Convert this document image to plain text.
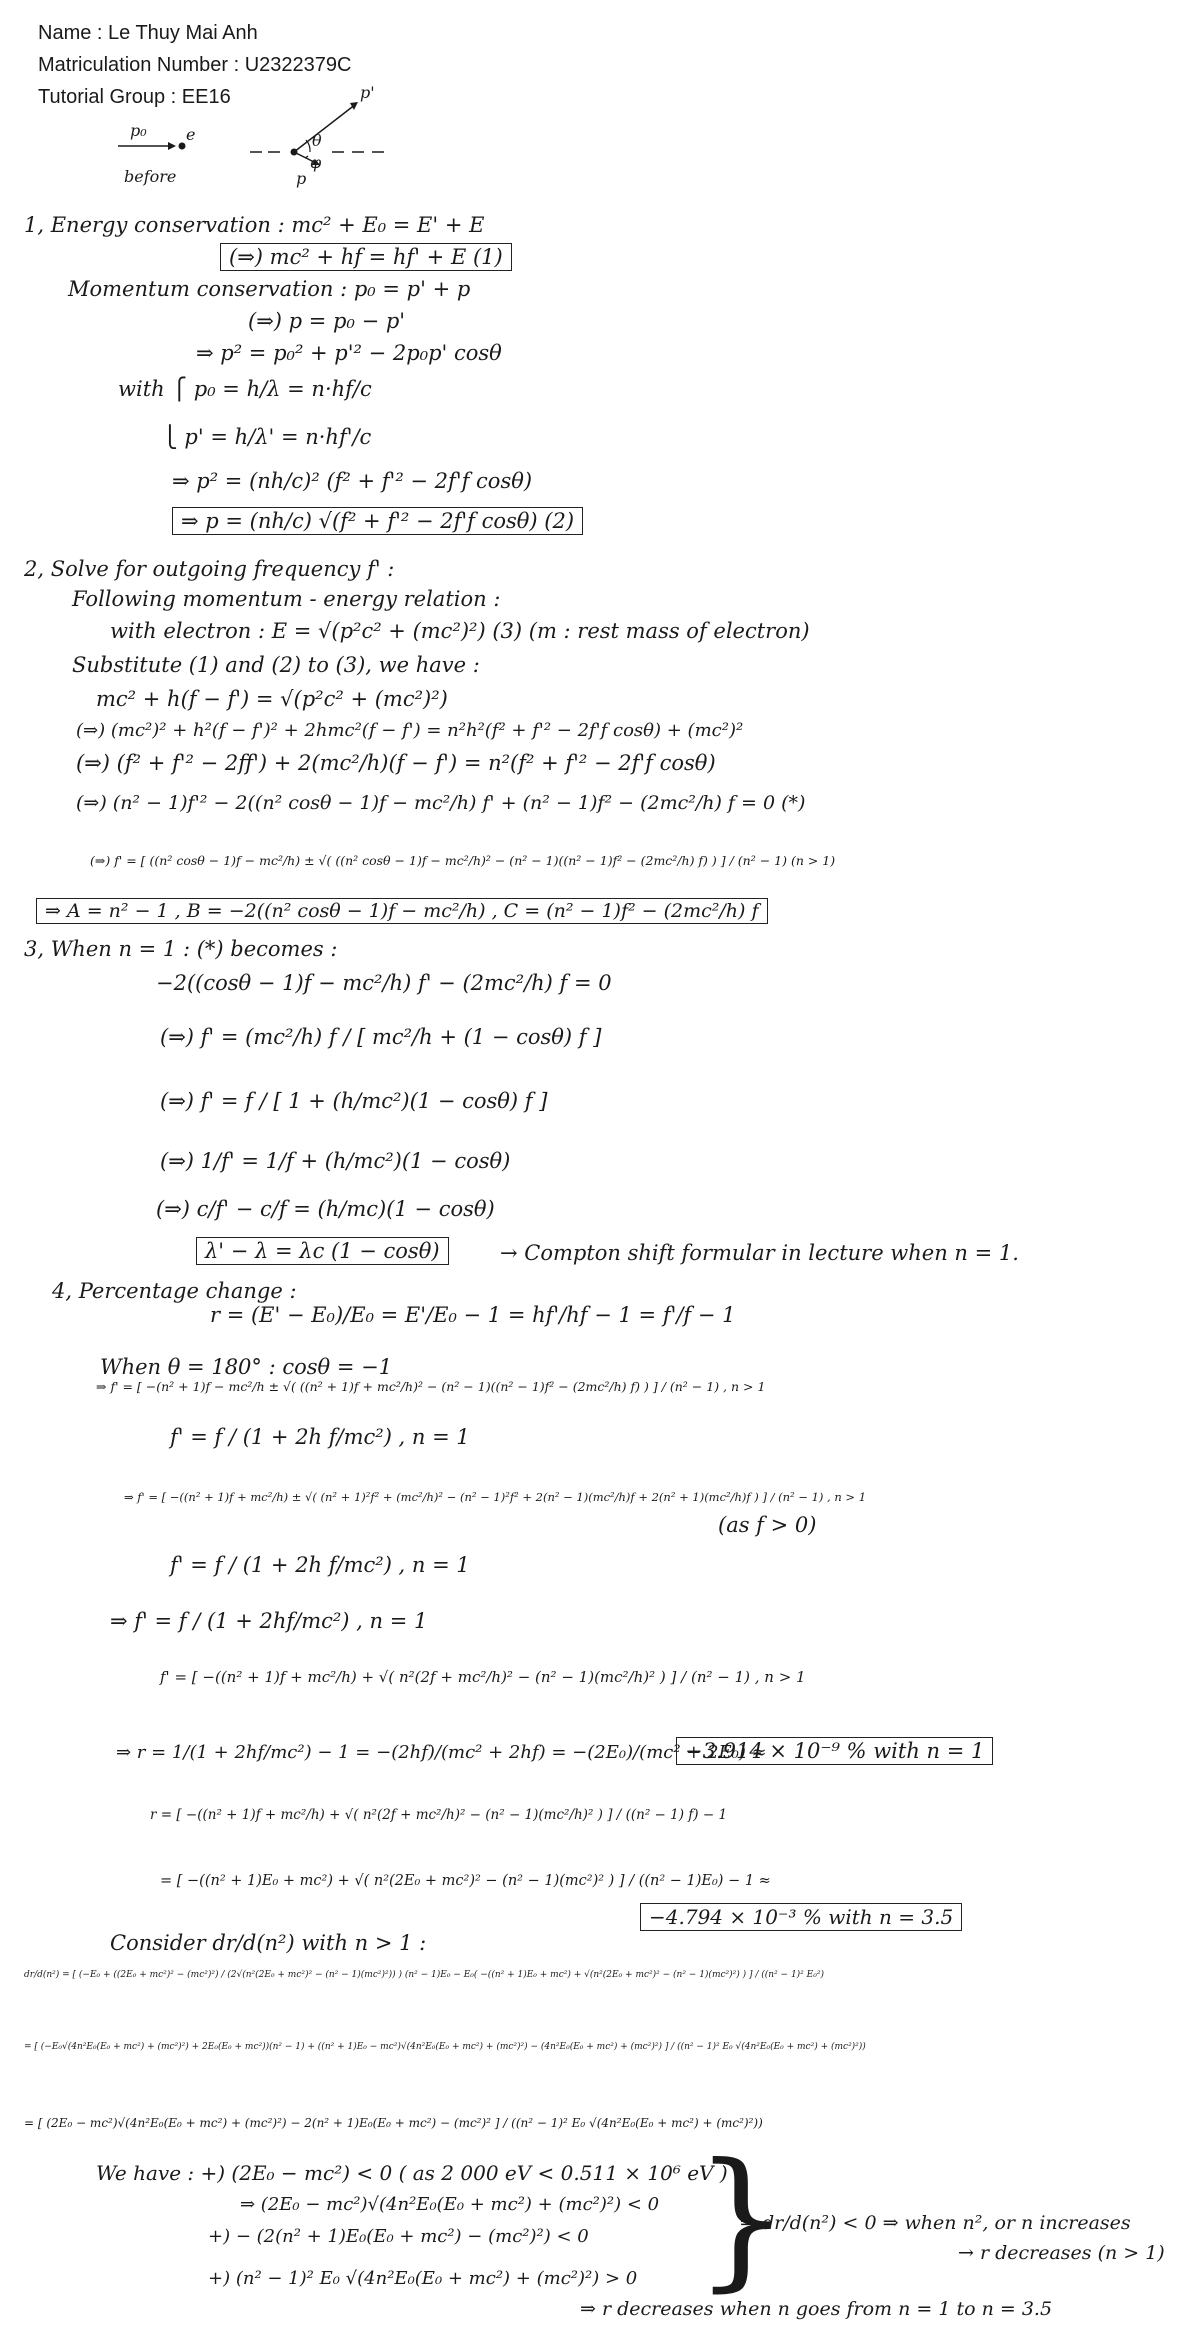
Name : Le Thuy Mai Anh
Matriculation Number : U2322379C
Tutorial Group : EE16
p₀ e
before
p'
θ
φ
p
1, Energy conservation : mc² + E₀ = E' + E
(⇒) mc² + hf = hf' + E (1)
Momentum conservation : p₀ = p' + p
(⇒) p = p₀ − p'
⇒ p² = p₀² + p'² − 2p₀p' cosθ
with ⎧ p₀ = h/λ = n·hf/c
⎩ p' = h/λ' = n·hf'/c
⇒ p² = (nh/c)² (f² + f'² − 2f'f cosθ)
⇒ p = (nh/c) √(f² + f'² − 2f'f cosθ) (2)
2, Solve for outgoing frequency f' :
Following momentum - energy relation :
with electron : E = √(p²c² + (mc²)²) (3) (m : rest mass of electron)
Substitute (1) and (2) to (3), we have :
mc² + h(f − f') = √(p²c² + (mc²)²)
(⇒) (mc²)² + h²(f − f')² + 2hmc²(f − f') = n²h²(f² + f'² − 2f'f cosθ) + (mc²)²
(⇒) (f² + f'² − 2ff') + 2(mc²/h)(f − f') = n²(f² + f'² − 2f'f cosθ)
(⇒) (n² − 1)f'² − 2((n² cosθ − 1)f − mc²/h) f' + (n² − 1)f² − (2mc²/h) f = 0 (*)
(⇒) f' = [ ((n² cosθ − 1)f − mc²/h) ± √( ((n² cosθ − 1)f − mc²/h)² − (n² − 1)((n² − 1)f² − (2mc²/h) f) ) ] / (n² − 1) (n > 1)
⇒ A = n² − 1 , B = −2((n² cosθ − 1)f − mc²/h) , C = (n² − 1)f² − (2mc²/h) f
3, When n = 1 : (*) becomes :
−2((cosθ − 1)f − mc²/h) f' − (2mc²/h) f = 0
(⇒) f' = (mc²/h) f / [ mc²/h + (1 − cosθ) f ]
(⇒) f' = f / [ 1 + (h/mc²)(1 − cosθ) f ]
(⇒) 1/f' = 1/f + (h/mc²)(1 − cosθ)
(⇒) c/f' − c/f = (h/mc)(1 − cosθ)
λ' − λ = λc (1 − cosθ)	→ Compton shift formular in lecture when n = 1.
4, Percentage change :
r = (E' − E₀)/E₀ = E'/E₀ − 1 = hf'/hf − 1 = f'/f − 1
When θ = 180° : cosθ = −1
⇒ f' = [ −(n² + 1)f − mc²/h ± √( ((n² + 1)f + mc²/h)² − (n² − 1)((n² − 1)f² − (2mc²/h) f) ) ] / (n² − 1) , n > 1
f' = f / (1 + 2h f/mc²) , n = 1
⇒ f' = [ −((n² + 1)f + mc²/h) ± √( (n² + 1)²f² + (mc²/h)² − (n² − 1)²f² + 2(n² − 1)(mc²/h)f + 2(n² + 1)(mc²/h)f ) ] / (n² − 1) , n > 1
(as f > 0)
f' = f / (1 + 2h f/mc²) , n = 1
⇒ f' = f / (1 + 2hf/mc²) , n = 1
f' = [ −((n² + 1)f + mc²/h) + √( n²(2f + mc²/h)² − (n² − 1)(mc²/h)² ) ] / (n² − 1) , n > 1
⇒ r = 1/(1 + 2hf/mc²) − 1 = −(2hf)/(mc² + 2hf) = −(2E₀)/(mc² + 2E₀) ≈
−3.914 × 10⁻⁹ % with n = 1
r = [ −((n² + 1)f + mc²/h) + √( n²(2f + mc²/h)² − (n² − 1)(mc²/h)² ) ] / ((n² − 1) f) − 1
= [ −((n² + 1)E₀ + mc²) + √( n²(2E₀ + mc²)² − (n² − 1)(mc²)² ) ] / ((n² − 1)E₀) − 1 ≈
−4.794 × 10⁻³ % with n = 3.5
Consider dr/d(n²) with n > 1 :
dr/d(n²) = [ (−E₀ + ((2E₀ + mc²)² − (mc²)²) / (2√(n²(2E₀ + mc²)² − (n² − 1)(mc²)²)) ) (n² − 1)E₀ − E₀( −((n² + 1)E₀ + mc²) + √(n²(2E₀ + mc²)² − (n² − 1)(mc²)²) ) ] / ((n² − 1)² E₀²)
= [ (−E₀√(4n²E₀(E₀ + mc²) + (mc²)²) + 2E₀(E₀ + mc²))(n² − 1) + ((n² + 1)E₀ − mc²)√(4n²E₀(E₀ + mc²) + (mc²)²) − (4n²E₀(E₀ + mc²) + (mc²)²) ] / ((n² − 1)² E₀ √(4n²E₀(E₀ + mc²) + (mc²)²))
= [ (2E₀ − mc²)√(4n²E₀(E₀ + mc²) + (mc²)²) − 2(n² + 1)E₀(E₀ + mc²) − (mc²)² ] / ((n² − 1)² E₀ √(4n²E₀(E₀ + mc²) + (mc²)²))
We have : +) (2E₀ − mc²) < 0 ( as 2 000 eV < 0.511 × 10⁶ eV )
⇒ (2E₀ − mc²)√(4n²E₀(E₀ + mc²) + (mc²)²) < 0
+) − (2(n² + 1)E₀(E₀ + mc²) − (mc²)²) < 0
+) (n² − 1)² E₀ √(4n²E₀(E₀ + mc²) + (mc²)²) > 0 }
⇒ dr/d(n²) < 0 ⇒ when n², or n increases
→ r decreases (n > 1)
⇒ r decreases when n goes from n = 1 to n = 3.5
